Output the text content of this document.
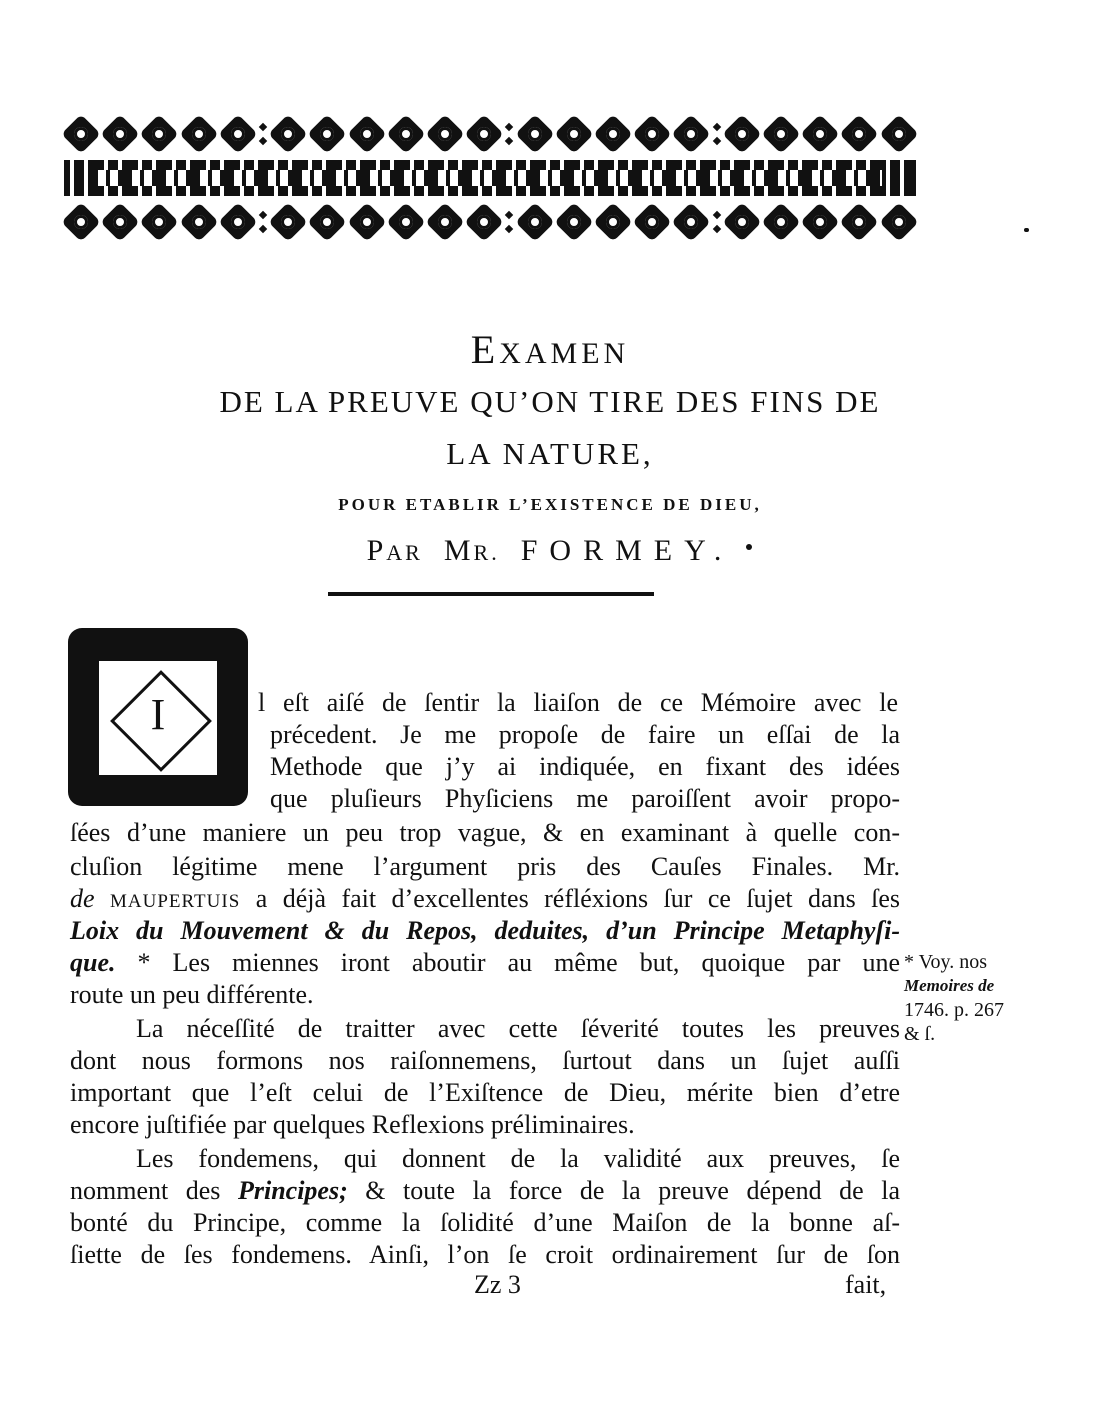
EXAMEN
DE LA PREUVE QU’ON TIRE DES FINS DE
LA NATURE,
POUR ETABLIR L’EXISTENCE DE DIEU,
PAR MR. FORMEY.
I	l eſt aiſé de ſentir la liaiſon de ce Mémoire avec le
précedent. Je me propoſe de faire un eſſai de la
Methode que j’y ai indiquée, en fixant des idées
que pluſieurs Phyſiciens me paroiſſent avoir propo-
ſées d’une maniere un peu trop vague, & en examinant à quelle con-
cluſion légitime mene l’argument pris des Cauſes Finales. Mr.
de MAUPERTUIS a déjà fait d’excellentes réfléxions ſur ce ſujet dans ſes
Loix du Mouvement & du Repos, deduites, d’un Principe Metaphyſi-
que. * Les miennes iront aboutir au même but, quoique par une
route un peu différente.
La néceſſité de traitter avec cette ſéverité toutes les preuves
dont nous formons nos raiſonnemens, ſurtout dans un ſujet auſſi
important que l’eſt celui de l’Exiſtence de Dieu, mérite bien d’etre
encore juſtifiée par quelques Reflexions préliminaires.
Les fondemens, qui donnent de la validité aux preuves, ſe
nomment des Principes; & toute la force de la preuve dépend de la
bonté du Principe, comme la ſolidité d’une Maiſon de la bonne aſ-
ſiette de ſes fondemens. Ainſi, l’on ſe croit ordinairement ſur de ſon
* Voy. nos
Memoires de
1746. p. 267
& ſ.
Zz 3	fait,
